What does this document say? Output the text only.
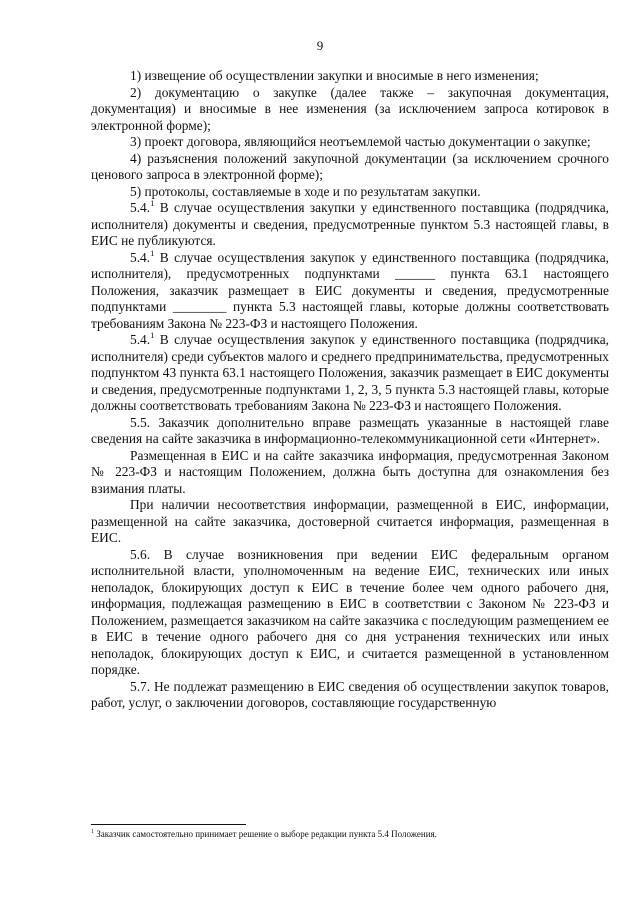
9

1) извещение об осуществлении закупки и вносимые в него изменения;

2) документацию о закупке (далее также – закупочная документация, документация) и вносимые в нее изменения (за исключением запроса котировок в электронной форме);

3) проект договора, являющийся неотъемлемой частью документации о закупке;

4) разъяснения положений закупочной документации (за исключением срочного ценового запроса в электронной форме);

5) протоколы, составляемые в ходе и по результатам закупки.

5.4.$^1$ В случае осуществления закупки у единственного поставщика (подрядчика, исполнителя) документы и сведения, предусмотренные пунктом 5.3 настоящей главы, в ЕИС не публикуются.

5.4.$^1$ В случае осуществления закупок у единственного поставщика (подрядчика, исполнителя), предусмотренных подпунктами ______ пункта 63.1 настоящего Положения, заказчик размещает в ЕИС документы и сведения, предусмотренные подпунктами ________ пункта 5.3 настоящей главы, которые должны соответствовать требованиям Закона № 223-ФЗ и настоящего Положения.

5.4.$^1$ В случае осуществления закупок у единственного поставщика (подрядчика, исполнителя) среди субъектов малого и среднего предпринимательства, предусмотренных подпунктом 43 пункта 63.1 настоящего Положения, заказчик размещает в ЕИС документы и сведения, предусмотренные подпунктами 1, 2, 3, 5 пункта 5.3 настоящей главы, которые должны соответствовать требованиям Закона № 223-ФЗ и настоящего Положения.

5.5. Заказчик дополнительно вправе размещать указанные в настоящей главе сведения на сайте заказчика в информационно-телекоммуникационной сети «Интернет».

Размещенная в ЕИС и на сайте заказчика информация, предусмотренная Законом № 223-ФЗ и настоящим Положением, должна быть доступна для ознакомления без взимания платы.

При наличии несоответствия информации, размещенной в ЕИС, информации, размещенной на сайте заказчика, достоверной считается информация, размещенная в ЕИС.

5.6. В случае возникновения при ведении ЕИС федеральным органом исполнительной власти, уполномоченным на ведение ЕИС, технических или иных неполадок, блокирующих доступ к ЕИС в течение более чем одного рабочего дня, информация, подлежащая размещению в ЕИС в соответствии с Законом № 223-ФЗ и Положением, размещается заказчиком на сайте заказчика с последующим размещением ее в ЕИС в течение одного рабочего дня со дня устранения технических или иных неполадок, блокирующих доступ к ЕИС, и считается размещенной в установленном порядке.

5.7. Не подлежат размещению в ЕИС сведения об осуществлении закупок товаров, работ, услуг, о заключении договоров, составляющие государственную

$^1$ Заказчик самостоятельно принимает решение о выборе редакции пункта 5.4 Положения.
